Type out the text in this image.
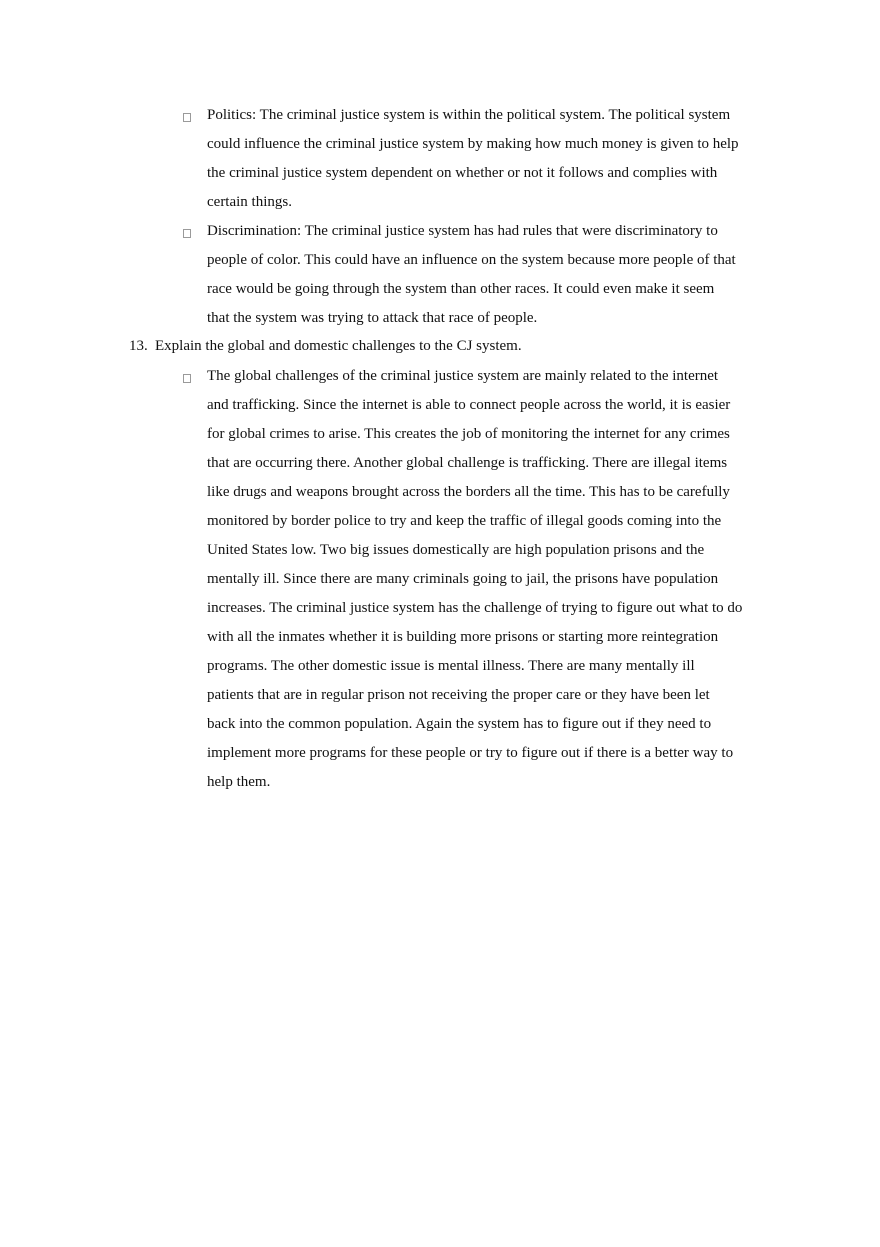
Politics: The criminal justice system is within the political system. The political system
could influence the criminal justice system by making how much money is given to help
the criminal justice system dependent on whether or not it follows and complies with
certain things.
Discrimination: The criminal justice system has had rules that were discriminatory to
people of color. This could have an influence on the system because more people of that
race would be going through the system than other races. It could even make it seem
that the system was trying to attack that race of people.
13. Explain the global and domestic challenges to the CJ system.
The global challenges of the criminal justice system are mainly related to the internet
and trafficking. Since the internet is able to connect people across the world, it is easier
for global crimes to arise. This creates the job of monitoring the internet for any crimes
that are occurring there. Another global challenge is trafficking. There are illegal items
like drugs and weapons brought across the borders all the time. This has to be carefully
monitored by border police to try and keep the traffic of illegal goods coming into the
United States low. Two big issues domestically are high population prisons and the
mentally ill. Since there are many criminals going to jail, the prisons have population
increases. The criminal justice system has the challenge of trying to figure out what to do
with all the inmates whether it is building more prisons or starting more reintegration
programs. The other domestic issue is mental illness. There are many mentally ill
patients that are in regular prison not receiving the proper care or they have been let
back into the common population. Again the system has to figure out if they need to
implement more programs for these people or try to figure out if there is a better way to
help them.
